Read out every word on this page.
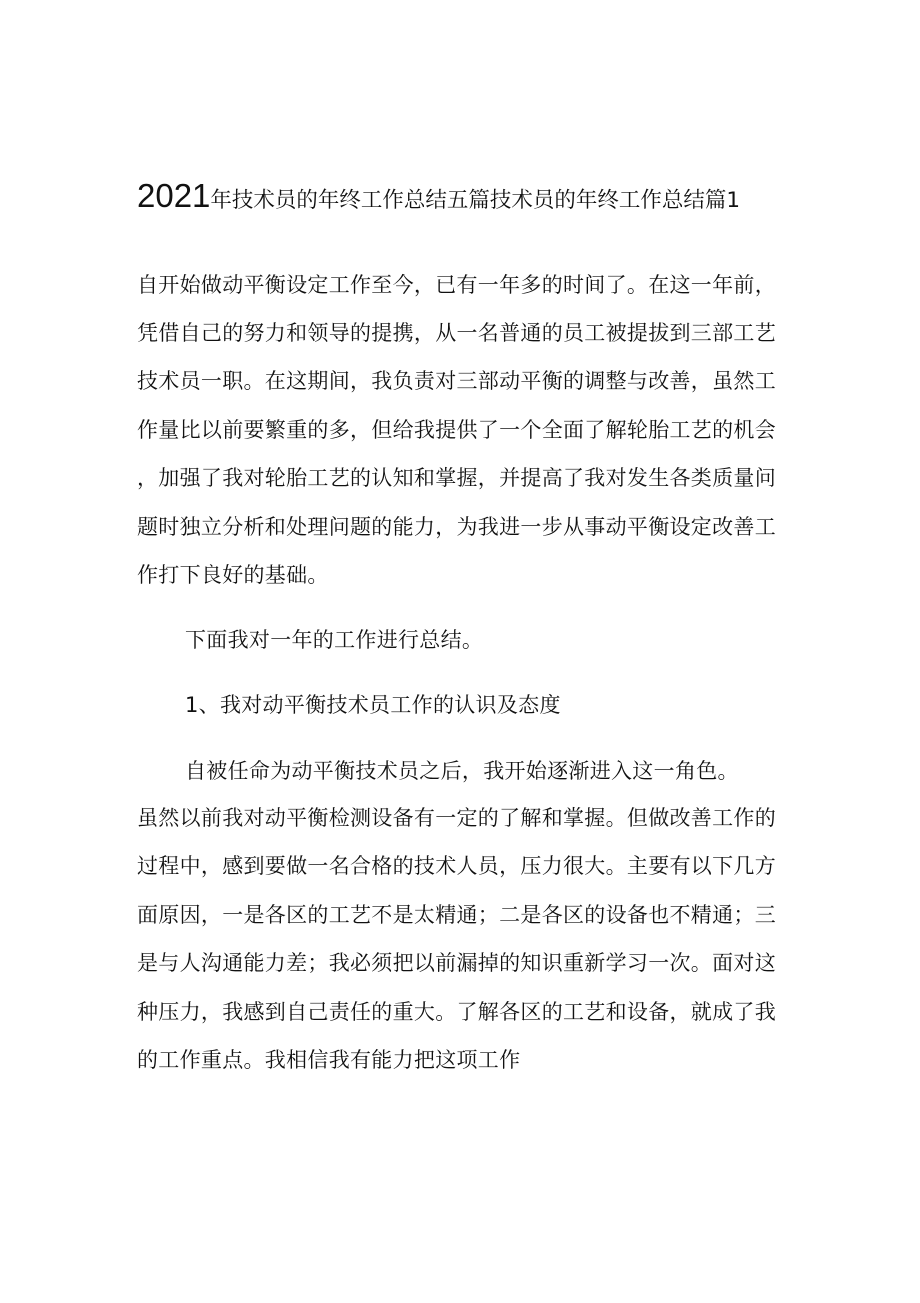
2021年技术员的年终工作总结五篇技术员的年终工作总结篇1
自开始做动平衡设定工作至今，已有一年多的时间了。在这一年前，
凭借自己的努力和领导的提携，从一名普通的员工被提拔到三部工艺
技术员一职。在这期间，我负责对三部动平衡的调整与改善，虽然工
作量比以前要繁重的多，但给我提供了一个全面了解轮胎工艺的机会
，加强了我对轮胎工艺的认知和掌握，并提高了我对发生各类质量问
题时独立分析和处理问题的能力，为我进一步从事动平衡设定改善工
作打下良好的基础。
下面我对一年的工作进行总结。
1、我对动平衡技术员工作的认识及态度
自被任命为动平衡技术员之后，我开始逐渐进入这一角色。
虽然以前我对动平衡检测设备有一定的了解和掌握。但做改善工作的
过程中，感到要做一名合格的技术人员，压力很大。主要有以下几方
面原因，一是各区的工艺不是太精通；二是各区的设备也不精通；三
是与人沟通能力差；我必须把以前漏掉的知识重新学习一次。面对这
种压力，我感到自己责任的重大。了解各区的工艺和设备，就成了我
的工作重点。我相信我有能力把这项工作
